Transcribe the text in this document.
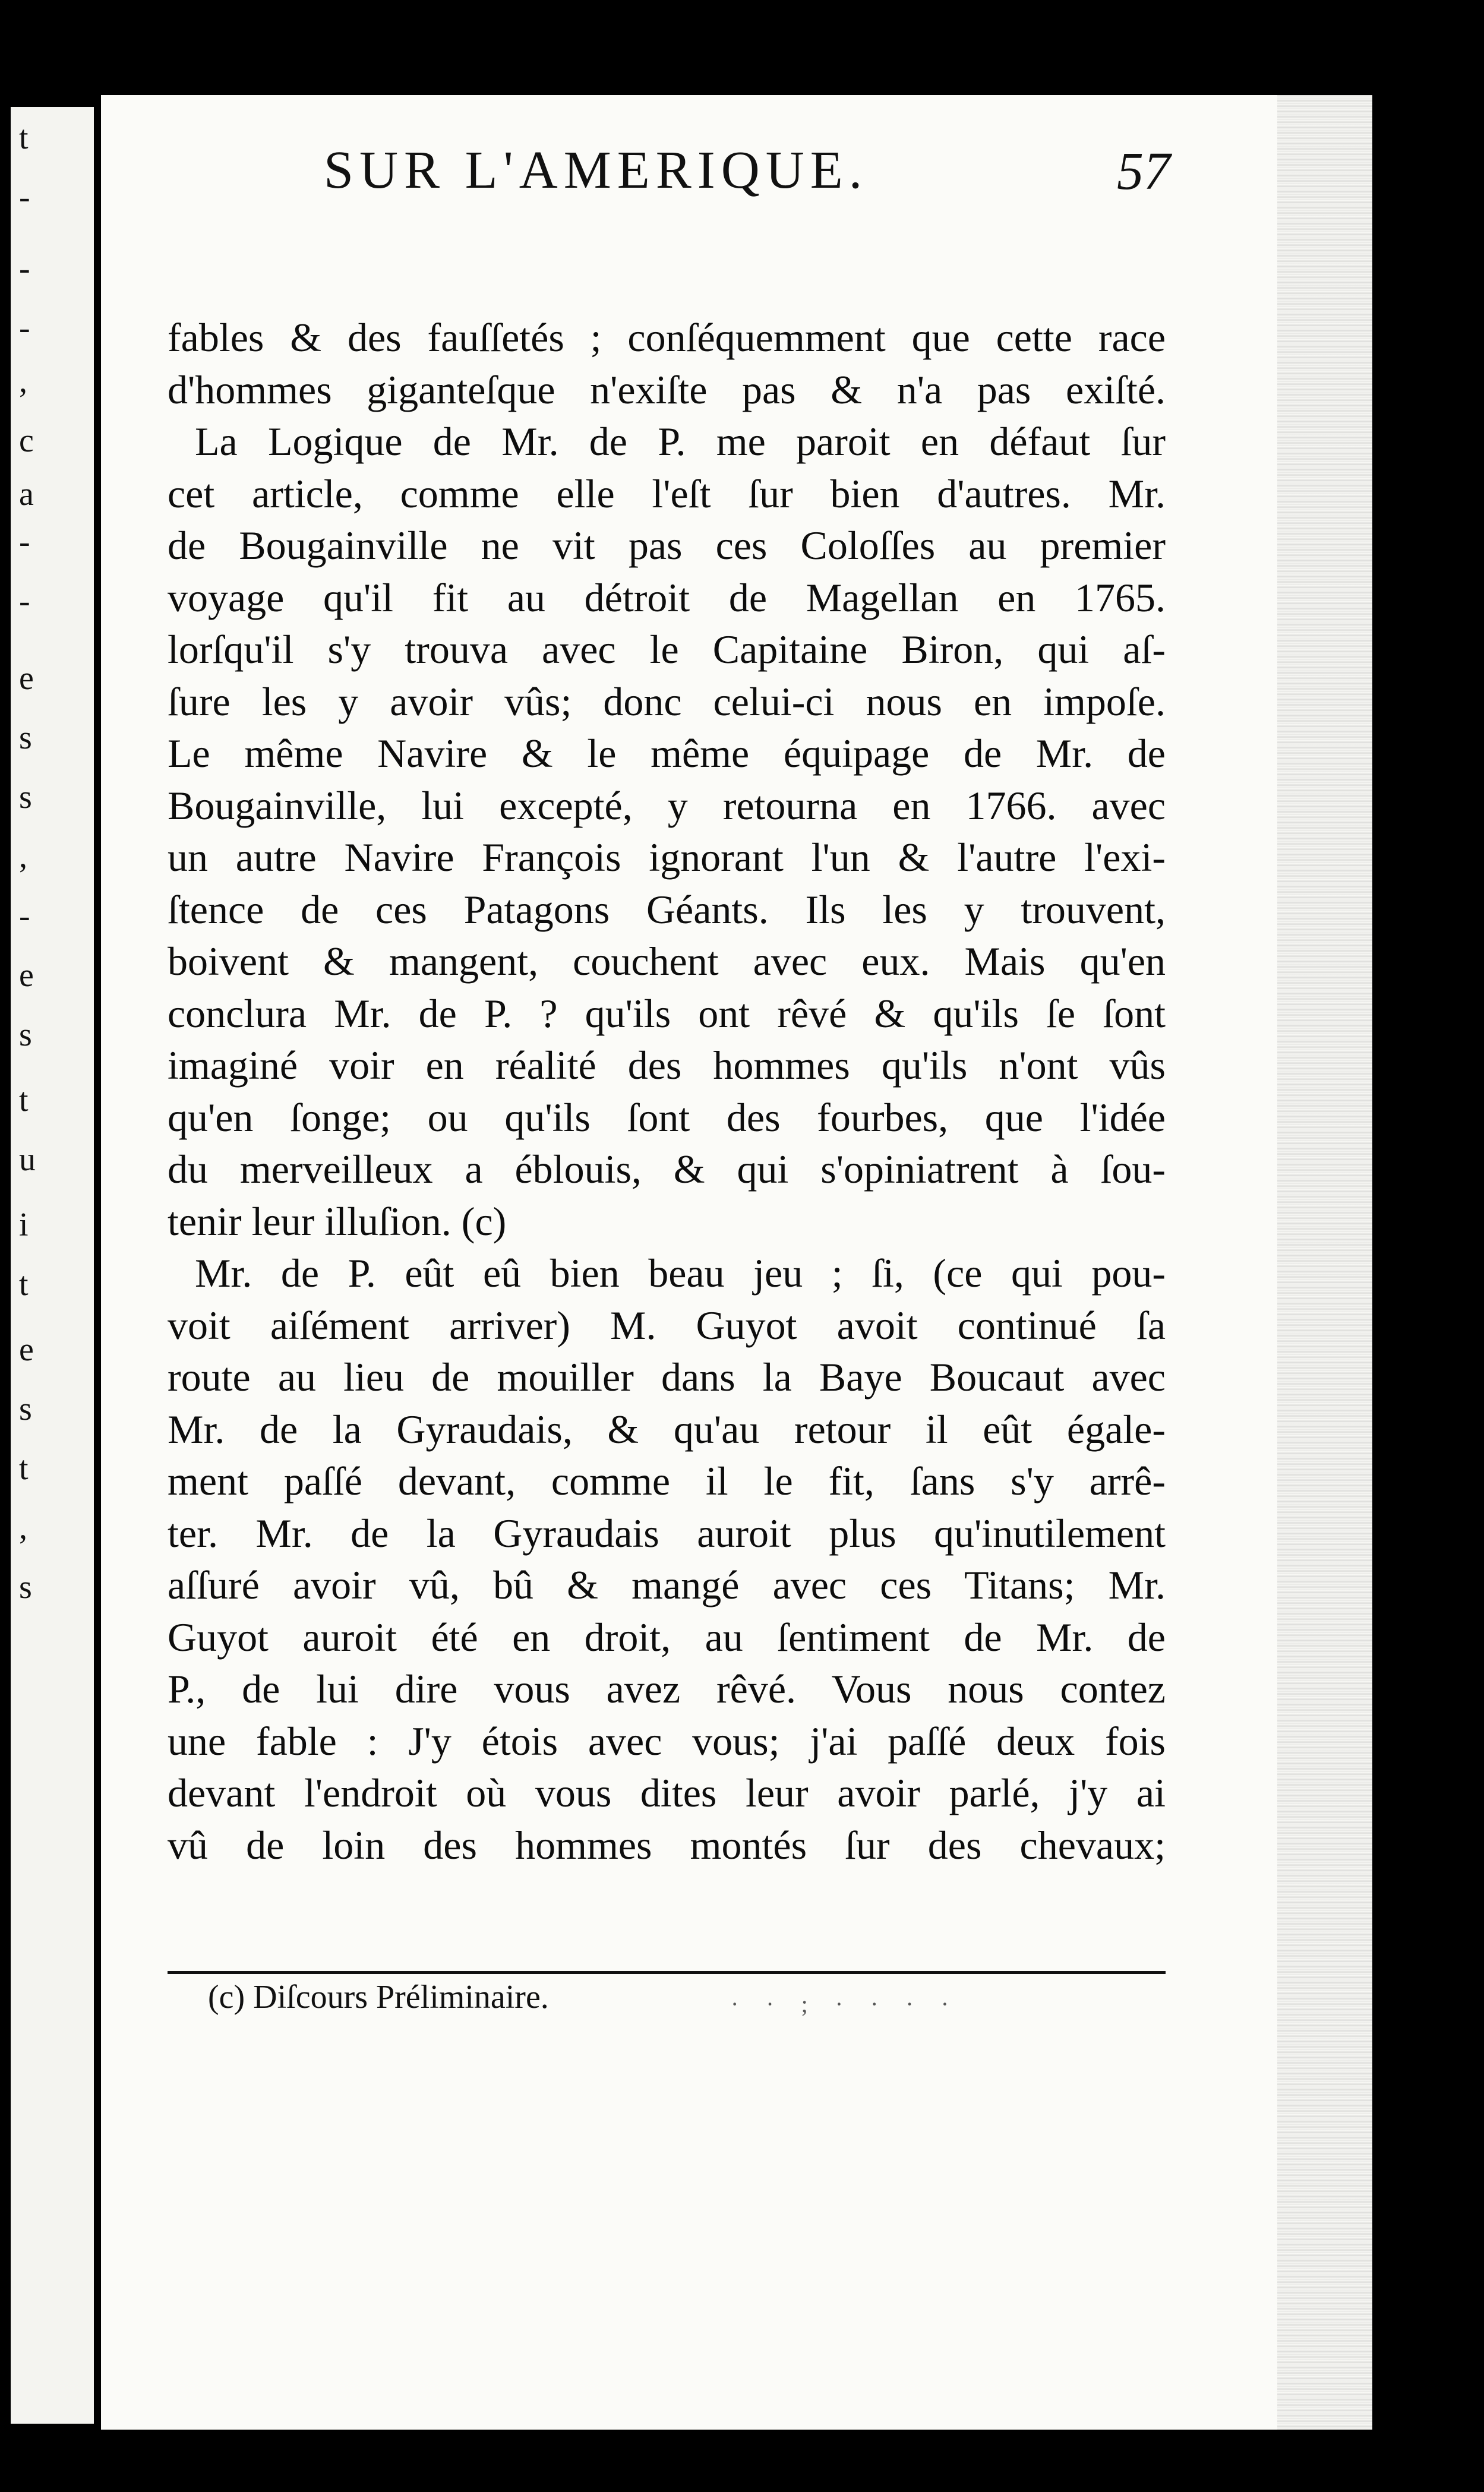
t
-
-
-
,
c
a
-
-
e
s
s
,
-
e
s
t
u
i
t
e
s
t
,
s
SUR L'AMERIQUE.	57
fables & des fauſſetés ; conſéquemment que cette race
d'hommes giganteſque n'exiſte pas & n'a pas exiſté.
La Logique de Mr. de P. me paroit en défaut ſur
cet article, comme elle l'eſt ſur bien d'autres. Mr.
de Bougainville ne vit pas ces Coloſſes au premier
voyage qu'il fit au détroit de Magellan en 1765.
lorſqu'il s'y trouva avec le Capitaine Biron, qui aſ-
ſure les y avoir vûs; donc celui-ci nous en impoſe.
Le même Navire & le même équipage de Mr. de
Bougainville, lui excepté, y retourna en 1766. avec
un autre Navire François ignorant l'un & l'autre l'exi-
ſtence de ces Patagons Géants. Ils les y trouvent,
boivent & mangent, couchent avec eux. Mais qu'en
conclura Mr. de P. ? qu'ils ont rêvé & qu'ils ſe ſont
imaginé voir en réalité des hommes qu'ils n'ont vûs
qu'en ſonge; ou qu'ils ſont des fourbes, que l'idée
du merveilleux a éblouis, & qui s'opiniatrent à ſou-
tenir leur illuſion. (c)
Mr. de P. eût eû bien beau jeu ; ſi, (ce qui pou-
voit aiſément arriver) M. Guyot avoit continué ſa
route au lieu de mouiller dans la Baye Boucaut avec
Mr. de la Gyraudais, & qu'au retour il eût égale-
ment paſſé devant, comme il le fit, ſans s'y arrê-
ter. Mr. de la Gyraudais auroit plus qu'inutilement
aſſuré avoir vû, bû & mangé avec ces Titans; Mr.
Guyot auroit été en droit, au ſentiment de Mr. de
P., de lui dire vous avez rêvé. Vous nous contez
une fable : J'y étois avec vous; j'ai paſſé deux fois
devant l'endroit où vous dites leur avoir parlé, j'y ai
vû de loin des hommes montés ſur des chevaux;
(c) Diſcours Préliminaire.	· · ; · · · ·
